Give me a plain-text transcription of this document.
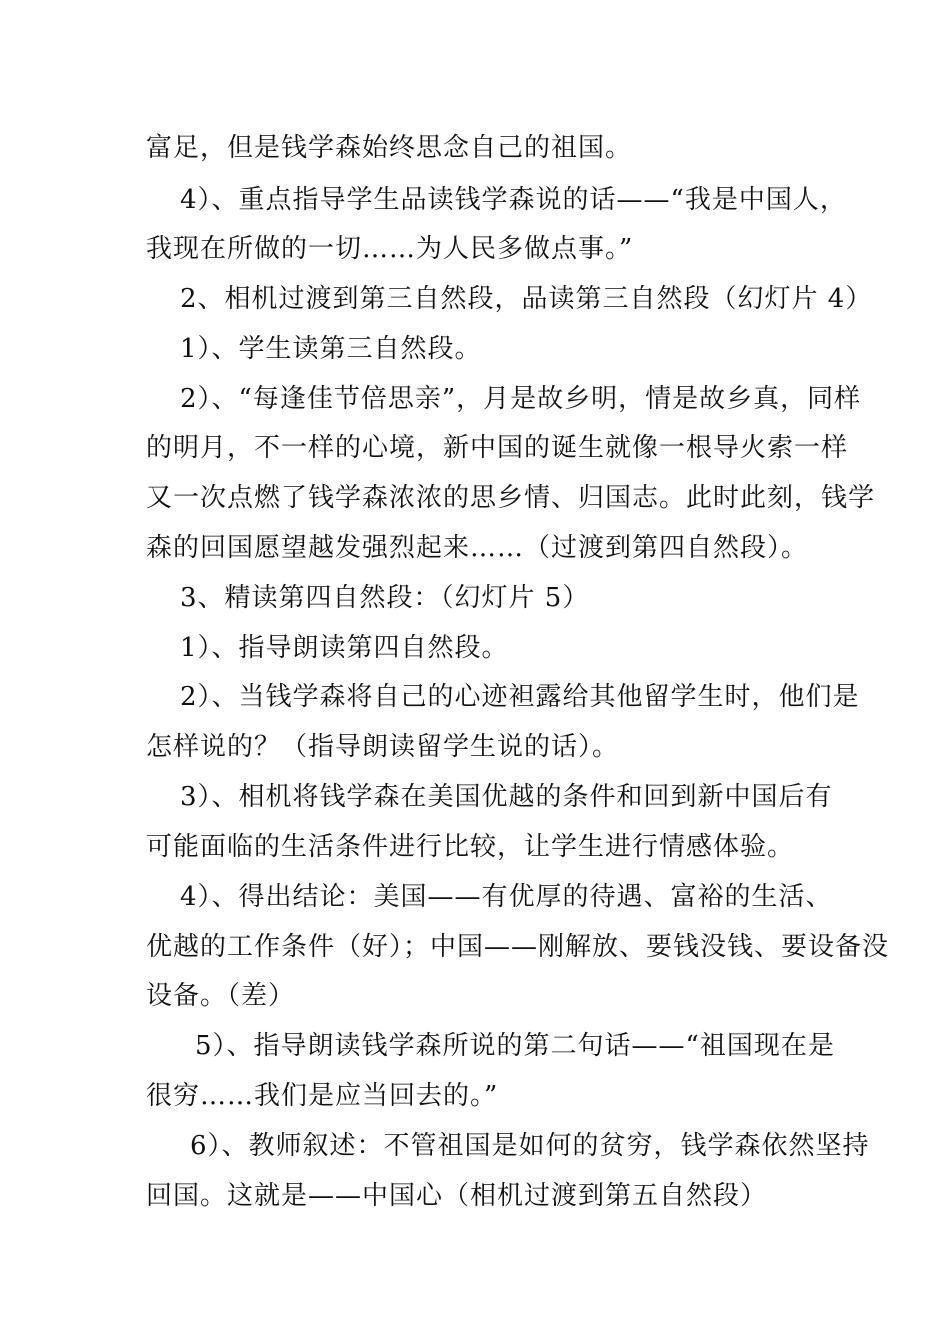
富足，但是钱学森始终思念自己的祖国。
4）、重点指导学生品读钱学森说的话——“我是中国人，
我现在所做的一切……为人民多做点事。”
2、相机过渡到第三自然段，品读第三自然段（幻灯片 4）
1）、学生读第三自然段。
2）、“每逢佳节倍思亲”，月是故乡明，情是故乡真，同样
的明月，不一样的心境，新中国的诞生就像一根导火索一样
又一次点燃了钱学森浓浓的思乡情、归国志。此时此刻，钱学
森的回国愿望越发强烈起来……（过渡到第四自然段）。
3、精读第四自然段：（幻灯片 5）
1）、指导朗读第四自然段。
2）、当钱学森将自己的心迹袒露给其他留学生时，他们是
怎样说的？（指导朗读留学生说的话）。
3）、相机将钱学森在美国优越的条件和回到新中国后有
可能面临的生活条件进行比较，让学生进行情感体验。
4）、得出结论：美国——有优厚的待遇、富裕的生活、
优越的工作条件（好）；中国——刚解放、要钱没钱、要设备没
设备。（差）
5）、指导朗读钱学森所说的第二句话——“祖国现在是
很穷……我们是应当回去的。”
6）、教师叙述：不管祖国是如何的贫穷，钱学森依然坚持
回国。这就是——中国心（相机过渡到第五自然段）
